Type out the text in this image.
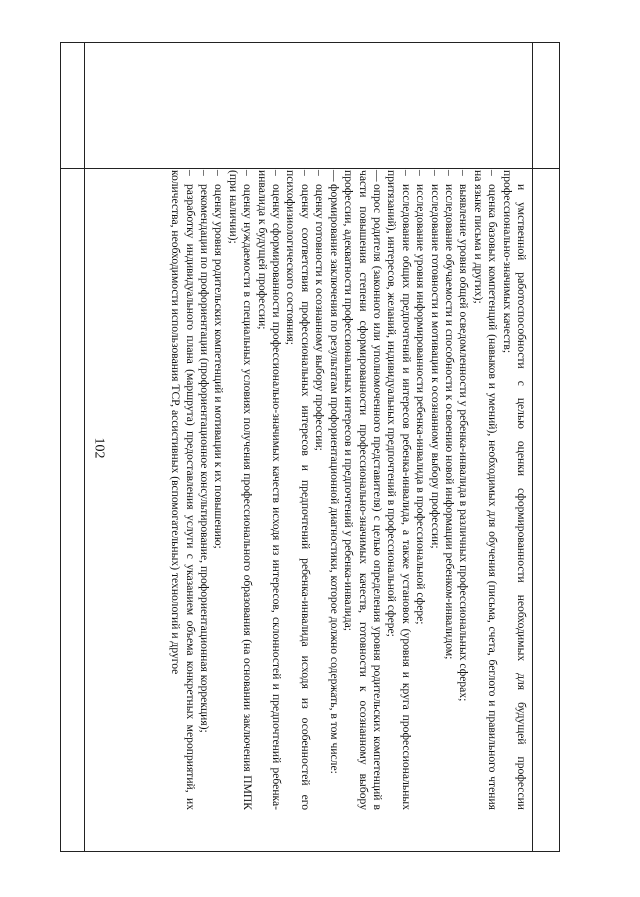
102	и умственной работоспособности с целью оценки сформированности необходимых для будущей профессии профессионально-значимых качеств;

–оценка базовых компетенций (навыков и умений), необходимых для обучения (письма, счета, беглого и правильного чтения на языке письма и других);

–выявление уровня общей осведомленности у ребенка-инвалида в различных профессиональных сферах;

–исследование обучаемости и способности к освоению новой информации ребенком-инвалидом;

–исследование готовности и мотивации к осознанному выбору профессии;

–исследование уровня информированности ребенка-инвалида в профессиональной сфере;

–исследование общих предпочтений и интересов ребенка-инвалида, а также установок (уровня и круга профессиональных притязаний), интересов, желаний, индивидуальных предпочтений в профессиональной сфере;

—опрос родителя (законного или уполномоченного представителя) с целью определения уровня родительских компетенций в части повышения степени сформированности профессионально-значимых качеств, готовности к осознанному выбору профессии, адекватности профессиональных интересов и предпочтений у ребенка-инвалида;

—формирование заключения по результатам профориентационной диагностики, которое должно содержать, в том числе:

–оценку готовности к осознанному выбору профессии;

–оценку соответствия профессиональных интересов и предпочтений ребенка-инвалида исходя из особенностей его психофизиологического состояния;

–оценку сформированности профессионально-значимых качеств исходя из интересов, склонностей и предпочтений ребенка-инвалида к будущей профессии;

–оценку нуждаемости в специальных условиях получения профессионального образования (на основании заключения ПМПК (при наличии);

–оценку уровня родительских компетенций и мотивации к их повышению;

–рекомендации по профориентации (профориентационное консультирование, профориентационная коррекция);

–разработку индивидуального плана (маршрута) предоставления услуги с указанием объема конкретных мероприятий, их количества, необходимости использования ТСР, ассистивных (вспомогательных) технологий и другое
